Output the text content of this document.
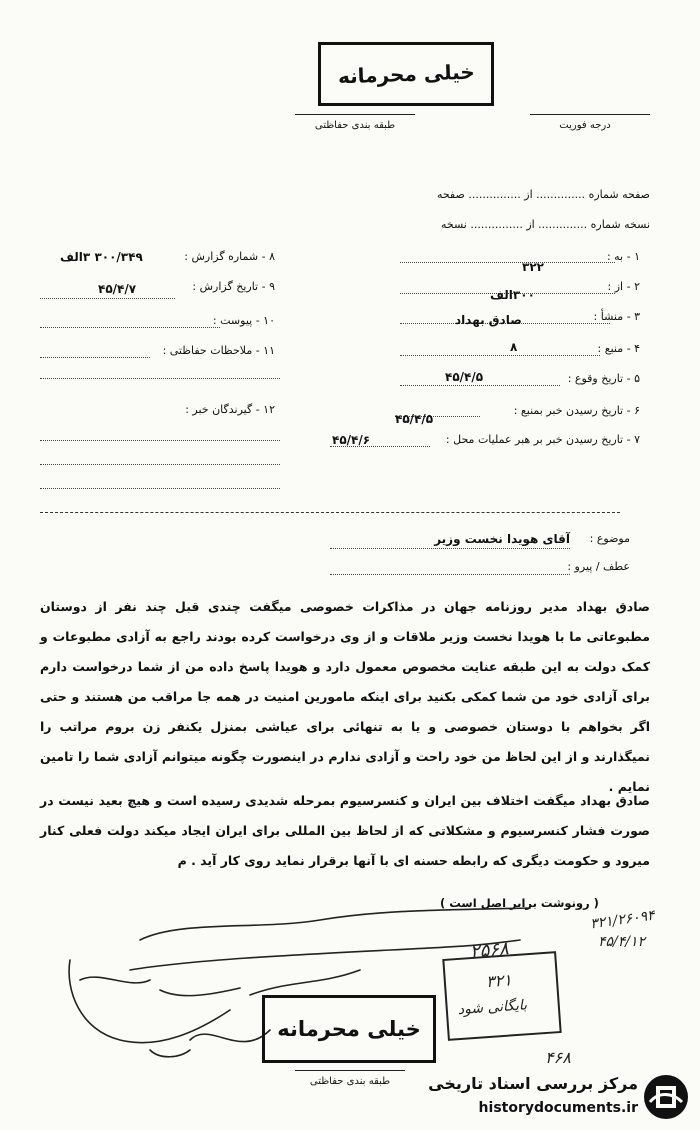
خیلی محرمانه
طبقه بندی حفاظتی	درجه فوریت
صفحه شماره .............. از ............... صفحه
نسخه شماره .............. از ............... نسخه
۱ - به :
۳۲۲
۲ - از :
۳۰۰الف
۳ - منشأ :
صادق بهداد
۴ - منبع :
۸
۵ - تاریخ وقوع :
۴۵/۴/۵
۶ - تاریخ رسیدن خبر بمنبع :
۴۵/۴/۵
۷ - تاریخ رسیدن خبر بر هبر عملیات محل :
۴۵/۴/۶
۸ - شماره گزارش :
۳۰۰/۳۴۹ ۳الف
۹ - تاریخ گزارش :
۴۵/۴/۷
۱۰ - پیوست :
۱۱ - ملاحظات حفاظتی :
۱۲ - گیرندگان خبر :
موضوع :
آقای هویدا نخست وزیر
عطف / پیرو :
صادق بهداد مدیر روزنامه جهان در مذاکرات خصوصی میگفت چندی قبل چند نفر از دوستان مطبوعاتی ما با هویدا نخست وزیر ملاقات و از وی درخواست کرده بودند راجع به آزادی مطبوعات و کمک دولت به این طبقه عنایت مخصوص معمول دارد و هویدا پاسخ داده من از شما درخواست دارم برای آزادی خود من شما کمکی بکنید برای اینکه مامورین امنیت در همه جا مراقب من هستند و حتی اگر بخواهم با دوستان خصوصی و یا به تنهائی برای عیاشی بمنزل یکنفر زن بروم مراتب را نمیگذارند و از این لحاظ من خود راحت و آزادی ندارم در اینصورت چگونه میتوانم آزادی شما را تامین نمایم .
صادق بهداد میگفت اختلاف بین ایران و کنسرسیوم بمرحله شدیدی رسیده است و هیچ بعید نیست در صورت فشار کنسرسیوم و مشکلاتی که از لحاظ بین المللی برای ایران ایجاد میکند دولت فعلی کنار میرود و حکومت دیگری که رابطه حسنه ای با آنها برقرار نماید روی کار آید . م
( رونوشت برابر اصل است )
۳۲۱/۲۶۰۹۴
۴۵/۴/۱۲
۲۵۶۸
۳۲۱
بایگانی شود
خیلی محرمانه
۴۶۸
طبقه بندی حفاظتی	مرکز بررسی اسناد تاریخی
historydocuments.ir
